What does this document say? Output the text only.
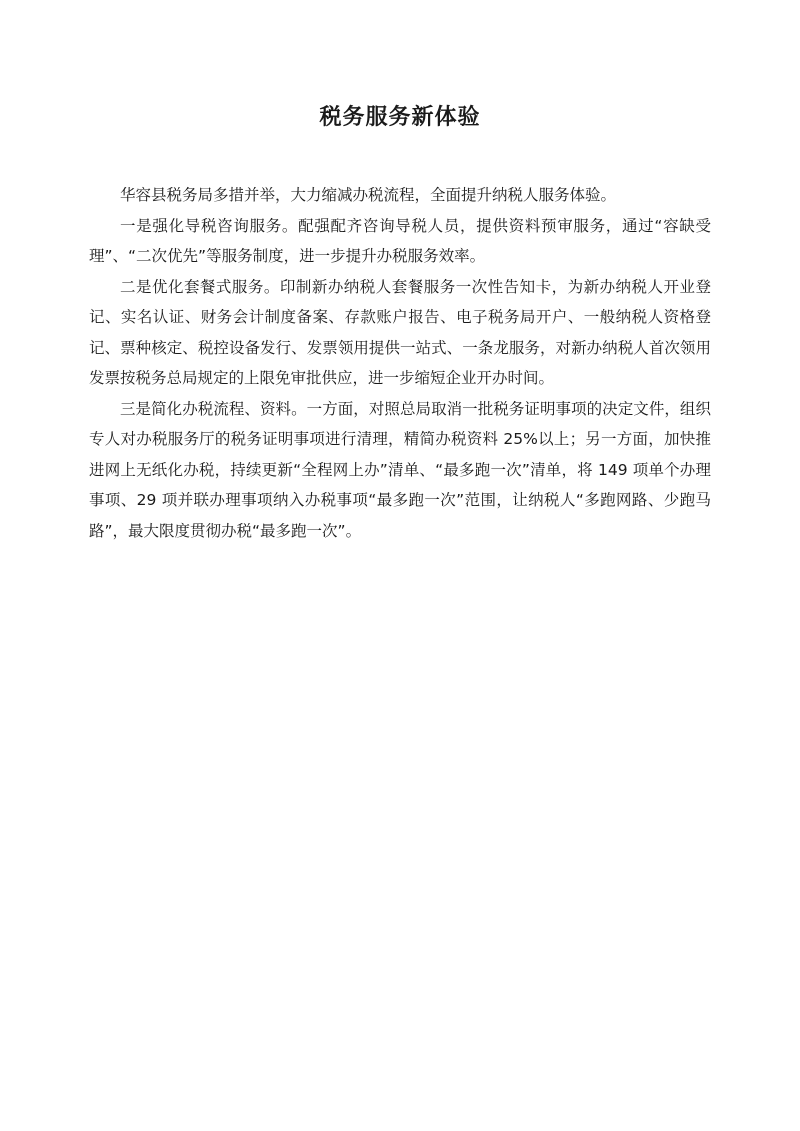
税务服务新体验

华容县税务局多措并举，大力缩减办税流程，全面提升纳税人服务体验。

一是强化导税咨询服务。配强配齐咨询导税人员，提供资料预审服务，通过“容缺受理”、“二次优先”等服务制度，进一步提升办税服务效率。

二是优化套餐式服务。印制新办纳税人套餐服务一次性告知卡，为新办纳税人开业登记、实名认证、财务会计制度备案、存款账户报告、电子税务局开户、一般纳税人资格登记、票种核定、税控设备发行、发票领用提供一站式、一条龙服务，对新办纳税人首次领用发票按税务总局规定的上限免审批供应，进一步缩短企业开办时间。

三是简化办税流程、资料。一方面，对照总局取消一批税务证明事项的决定文件，组织专人对办税服务厅的税务证明事项进行清理，精简办税资料 25%以上；另一方面，加快推进网上无纸化办税，持续更新“全程网上办”清单、“最多跑一次”清单，将 149 项单个办理事项、29 项并联办理事项纳入办税事项“最多跑一次”范围，让纳税人“多跑网路、少跑马路”，最大限度贯彻办税“最多跑一次”。
